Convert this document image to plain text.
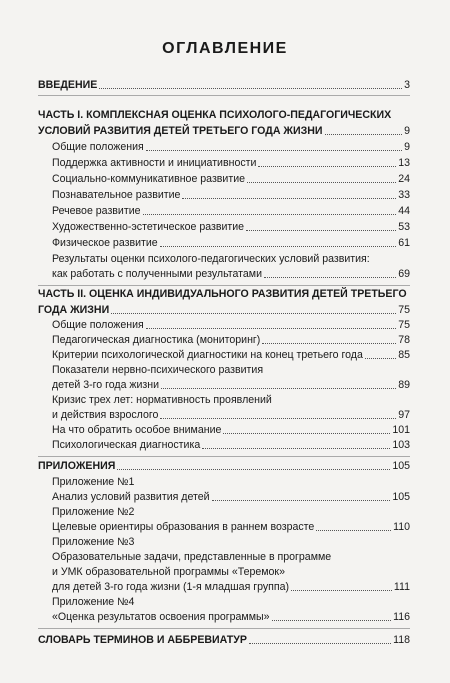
ОГЛАВЛЕНИЕ
ВВЕДЕНИЕ	3
ЧАСТЬ I. КОМПЛЕКСНАЯ ОЦЕНКА ПСИХОЛОГО-ПЕДАГОГИЧЕСКИХ
УСЛОВИЙ РАЗВИТИЯ ДЕТЕЙ ТРЕТЬЕГО ГОДА ЖИЗНИ	9
Общие положения	9
Поддержка активности и инициативности	13
Социально-коммуникативное развитие	24
Познавательное развитие	33
Речевое развитие	44
Художественно-эстетическое развитие	53
Физическое развитие	61
Результаты оценки психолого-педагогических условий развития:
как работать с полученными результатами	69
ЧАСТЬ II. ОЦЕНКА ИНДИВИДУАЛЬНОГО РАЗВИТИЯ ДЕТЕЙ ТРЕТЬЕГО
ГОДА ЖИЗНИ	75
Общие положения	75
Педагогическая диагностика (мониторинг)	78
Критерии психологической диагностики на конец третьего года	85
Показатели нервно-психического развития
детей 3-го года жизни	89
Кризис трех лет: нормативность проявлений
и действия взрослого	97
На что обратить особое внимание	101
Психологическая диагностика	103
ПРИЛОЖЕНИЯ	105
Приложение №1
Анализ условий развития детей	105
Приложение №2
Целевые ориентиры образования в раннем возрасте	110
Приложение №3
Образовательные задачи, представленные в программе
и УМК образовательной программы «Теремок»
для детей 3-го года жизни (1-я младшая группа)	111
Приложение №4
«Оценка результатов освоения программы»	116
СЛОВАРЬ ТЕРМИНОВ И АББРЕВИАТУР	118
